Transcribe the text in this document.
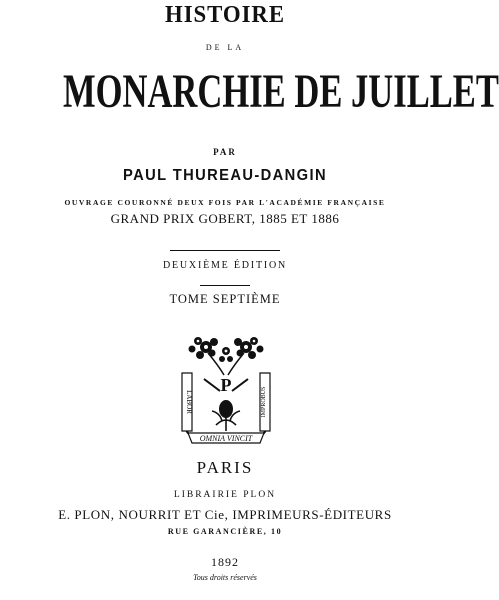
HISTOIRE
DE LA
MONARCHIE DE JUILLET
PAR
PAUL THUREAU-DANGIN
OUVRAGE COURONNÉ DEUX FOIS PAR L'ACADÉMIE FRANÇAISE
GRAND PRIX GOBERT, 1885 ET 1886
DEUXIÈME ÉDITION
TOME SEPTIÈME
P
LABOR	IMPROBUS
OMNIA VINCIT
PARIS
LIBRAIRIE PLON
E. PLON, NOURRIT ET Cie, IMPRIMEURS-ÉDITEURS
RUE GARANCIÈRE, 10
1892
Tous droits réservés
